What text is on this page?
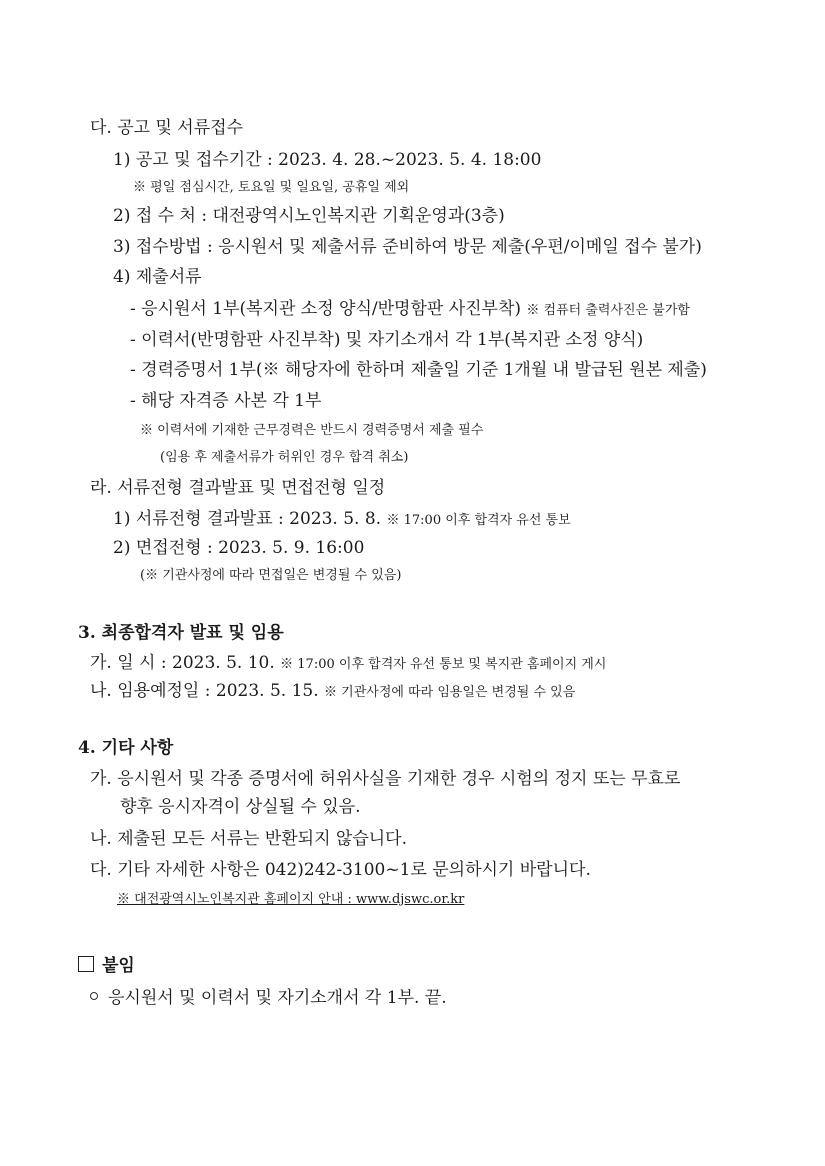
다. 공고 및 서류접수
1) 공고 및 접수기간 : 2023. 4. 28.~2023. 5. 4. 18:00
※ 평일 점심시간, 토요일 및 일요일, 공휴일 제외
2) 접 수 처 : 대전광역시노인복지관 기획운영과(3층)
3) 접수방법 : 응시원서 및 제출서류 준비하여 방문 제출(우편/이메일 접수 불가)
4) 제출서류
- 응시원서 1부(복지관 소정 양식/반명함판 사진부착) ※ 컴퓨터 출력사진은 불가함
- 이력서(반명함판 사진부착) 및 자기소개서 각 1부(복지관 소정 양식)
- 경력증명서 1부(※ 해당자에 한하며 제출일 기준 1개월 내 발급된 원본 제출)
- 해당 자격증 사본 각 1부
※ 이력서에 기재한 근무경력은 반드시 경력증명서 제출 필수
(임용 후 제출서류가 허위인 경우 합격 취소)
라. 서류전형 결과발표 및 면접전형 일정
1) 서류전형 결과발표 : 2023. 5. 8. ※ 17:00 이후 합격자 유선 통보
2) 면접전형 : 2023. 5. 9. 16:00
(※ 기관사정에 따라 면접일은 변경될 수 있음)
3. 최종합격자 발표 및 임용
가. 일 시 : 2023. 5. 10. ※ 17:00 이후 합격자 유선 통보 및 복지관 홈페이지 게시
나. 임용예정일 : 2023. 5. 15. ※ 기관사정에 따라 임용일은 변경될 수 있음
4. 기타 사항
가. 응시원서 및 각종 증명서에 허위사실을 기재한 경우 시험의 정지 또는 무효로
향후 응시자격이 상실될 수 있음.
나. 제출된 모든 서류는 반환되지 않습니다.
다. 기타 자세한 사항은 042)242-3100~1로 문의하시기 바랍니다.
※ 대전광역시노인복지관 홈페이지 안내 : www.djswc.or.kr
붙임
응시원서 및 이력서 및 자기소개서 각 1부. 끝.
